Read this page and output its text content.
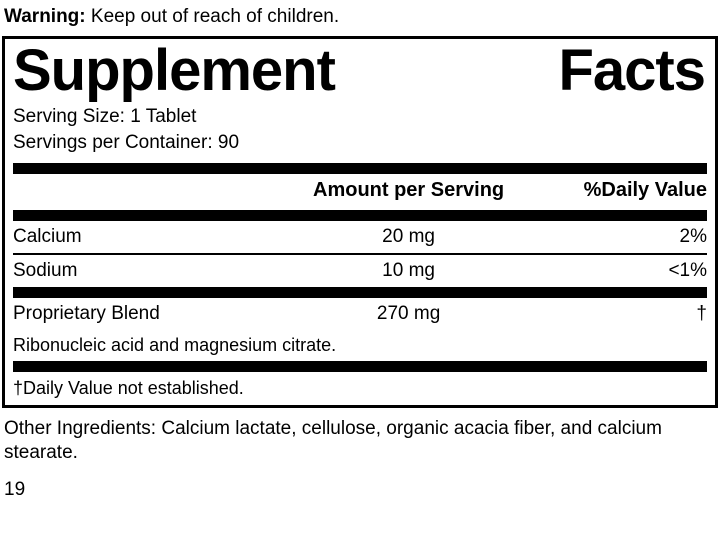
Warning: Keep out of reach of children.
Supplement	Facts
Serving Size: 1 Tablet
Servings per Container: 90
	Amount per Serving	%Daily Value
Calcium	20 mg	2%
Sodium	10 mg	<1%
Proprietary Blend	270 mg	†
Ribonucleic acid and magnesium citrate.
†Daily Value not established.
Other Ingredients: Calcium lactate, cellulose, organic acacia fiber, and calcium stearate.
19
